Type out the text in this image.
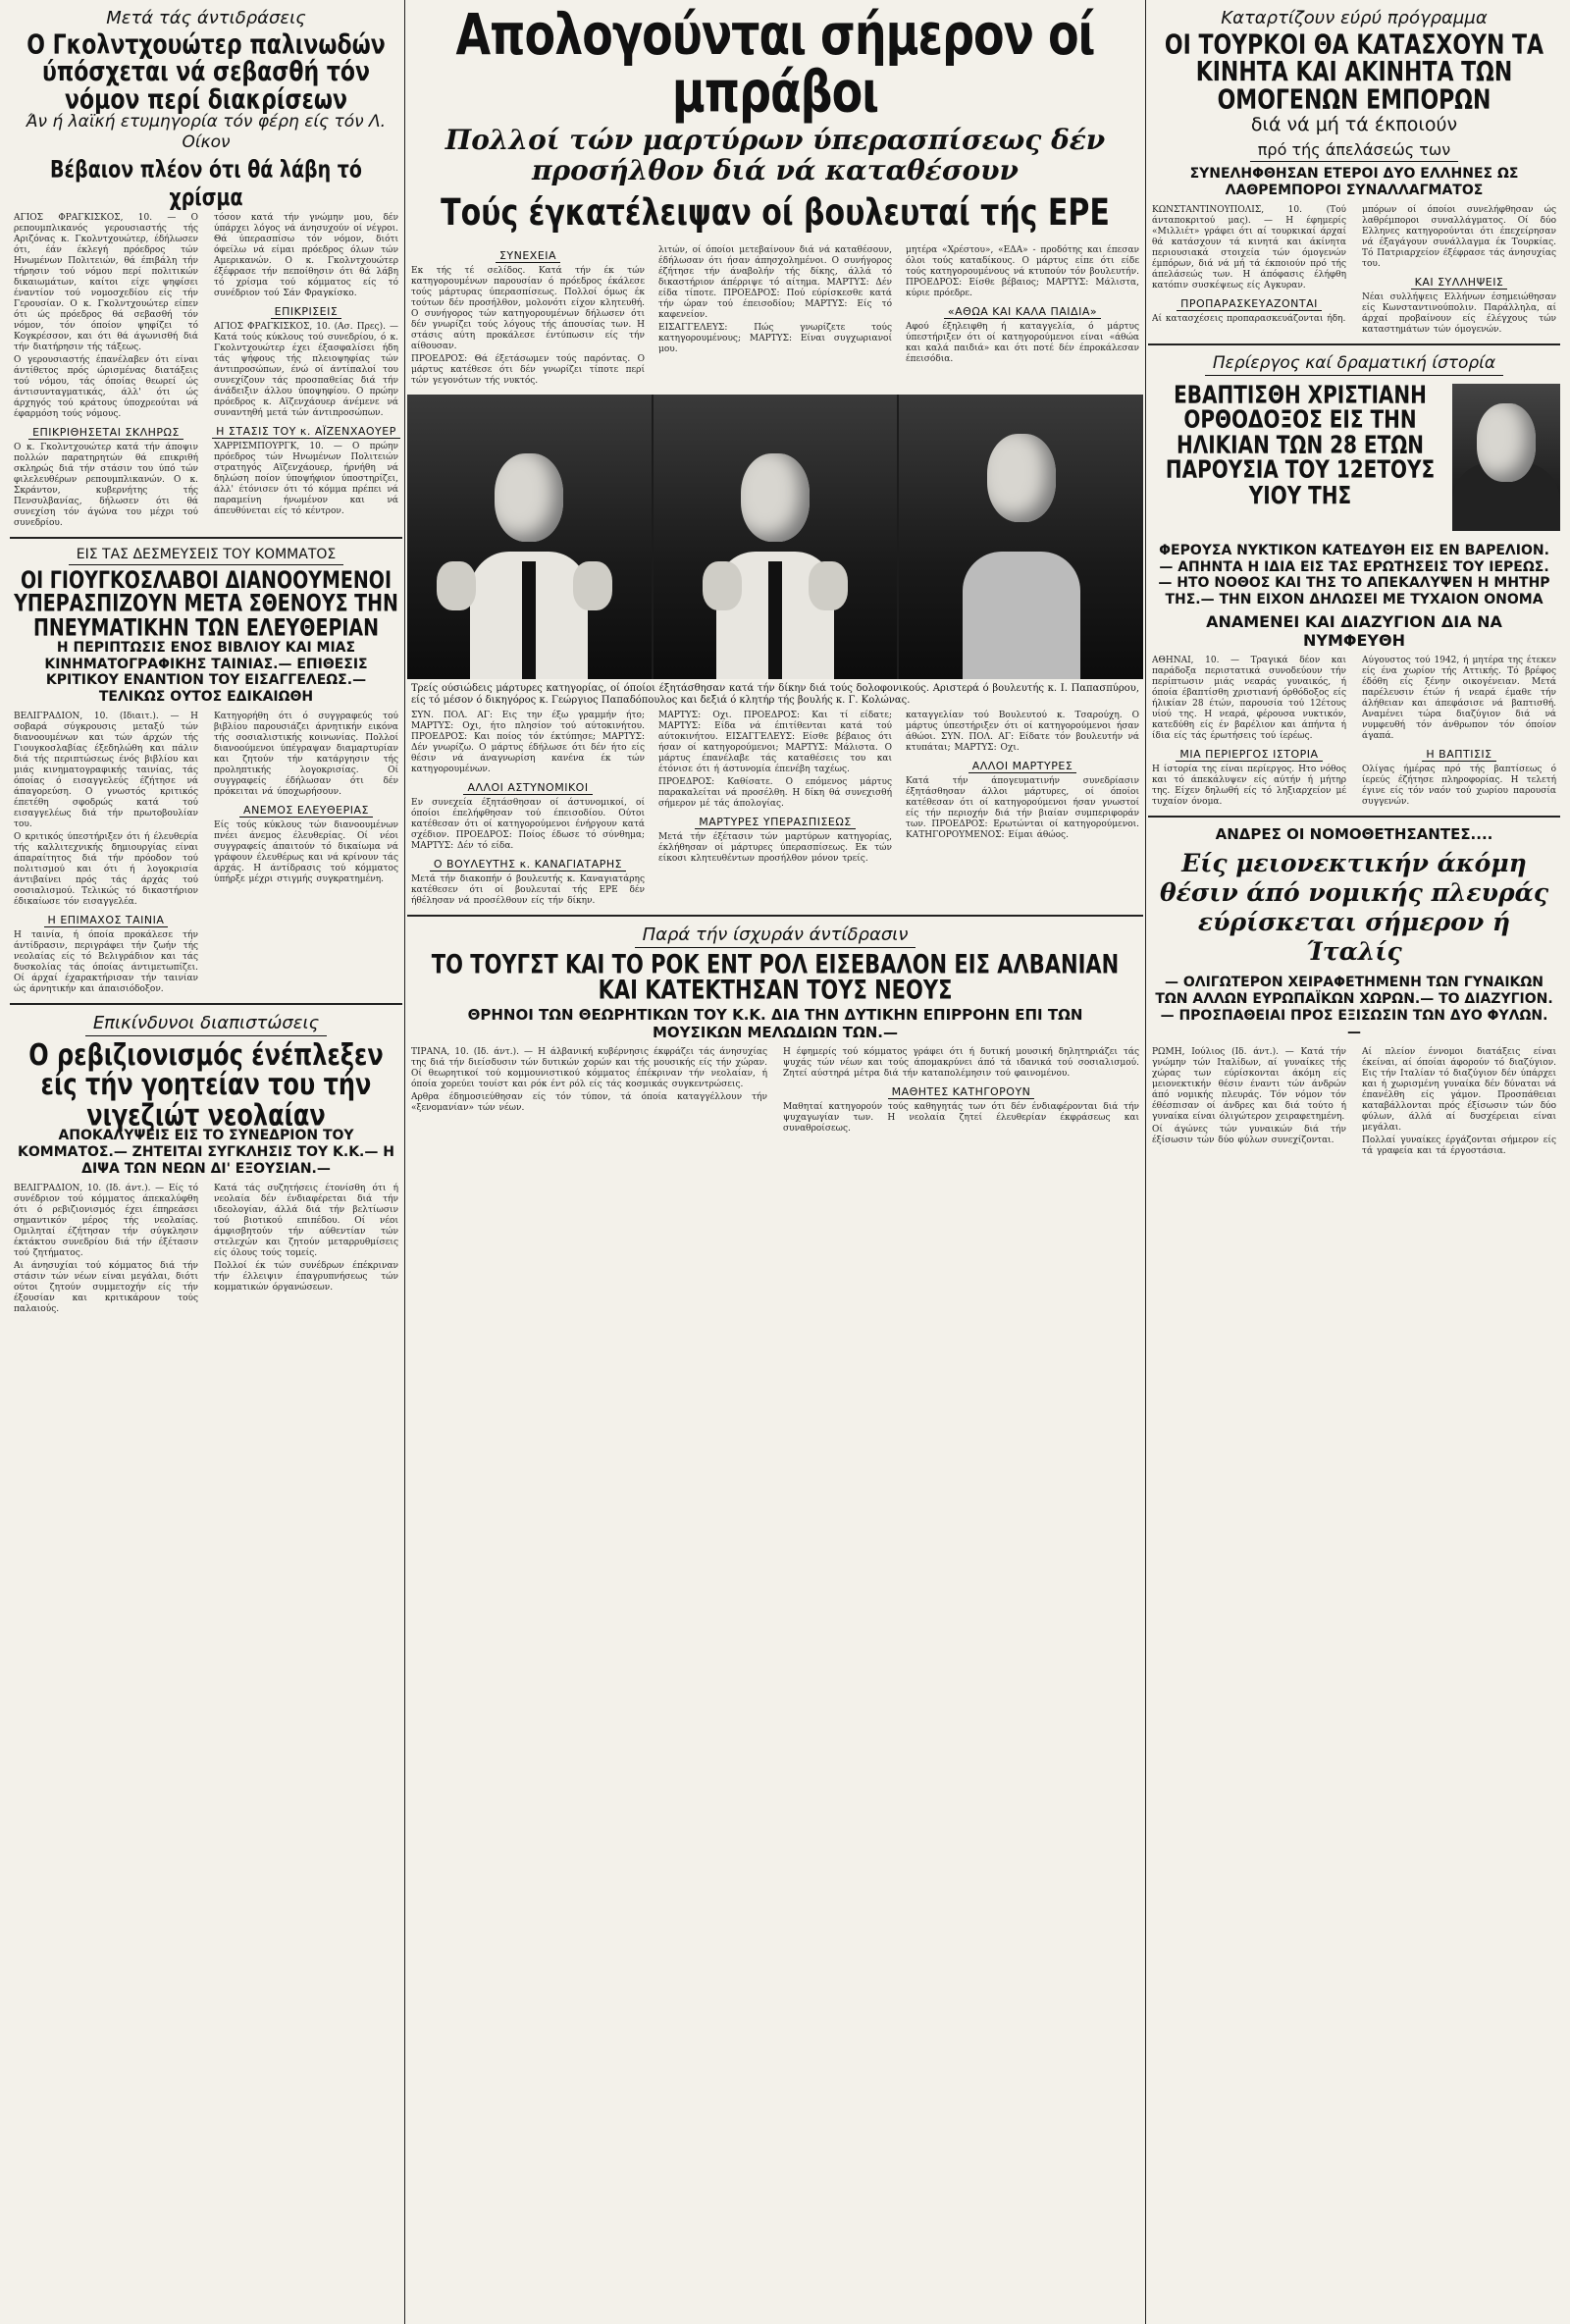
Μετά τάς άντιδράσεις
Ο Γκολντχουώτερ παλινωδών ύπόσχεται νά σεβασθή τόν νόμον περί διακρίσεων
Άν ή λαϊκή ετυμηγορία τόν φέρη είς τόν Λ. Οίκον
Βέβαιον πλέον ότι θά λάβη τό χρίσμα

ΑΓΙΟΣ ΦΡΑΓΚΙΣΚΟΣ, 10. — Ο ρεπουμπλικανός γερουσιαστής τής Αριζόνας κ. Γκολντχουώτερ, έδήλωσεν ότι, έάν έκλεγή πρόεδρος τών Ηνωμένων Πολιτειών, θά έπιβάλη τήν τήρησιν τού νόμου περί πολιτικών δικαιωμάτων, καίτοι είχε ψηφίσει έναντίον τού νομοσχεδίου είς τήν Γερουσίαν. Ο κ. Γκολντχουώτερ είπεν ότι ώς πρόεδρος θά σεβασθή τόν νόμον, τόν όποίον ψηφίζει τό Κογκρέσσον, και ότι θά άγωνισθή διά τήν διατήρησιν τής τάξεως.

Ο γερουσιαστής έπανέλαβεν ότι είναι άντίθετος πρός ώρισμένας διατάξεις τού νόμου, τάς όποίας θεωρεί ώς άντισυνταγματικάς, άλλ' ότι ώς άρχηγός τού κράτους ύποχρεούται νά έφαρμόση τούς νόμους.

ΕΠΙΚΡΙΘΗΣΕΤΑΙ ΣΚΛΗΡΩΣ

Ο κ. Γκολντχουώτερ κατά τήν άποψιν πολλών παρατηρητών θά επικριθή σκληρώς διά τήν στάσιν του ύπό τών φιλελευθέρων ρεπουμπλικανών. Ο κ. Σκράντον, κυβερνήτης τής Πενσυλβανίας, δήλωσεν ότι θά συνεχίση τόν άγώνα του μέχρι τού συνεδρίου.

τόσον κατά τήν γνώμην μου, δέν ύπάρχει λόγος νά άνησυχούν οί νέγροι. Θά ύπερασπίσω τόν νόμον, διότι όφείλω νά είμαι πρόεδρος όλων τών Αμερικανών. Ο κ. Γκολντχουώτερ έξέφρασε τήν πεποίθησιν ότι θά λάβη τό χρίσμα τού κόμματος είς τό συνέδριον τού Σάν Φραγκίσκο.

ΕΠΙΚΡΙΣΕΙΣ

ΑΓΙΟΣ ΦΡΑΓΚΙΣΚΟΣ, 10. (Ασ. Πρες). — Κατά τούς κύκλους τού συνεδρίου, ό κ. Γκολντχουώτερ έχει έξασφαλίσει ήδη τάς ψήφους τής πλειοψηφίας τών άντιπροσώπων, ένώ οί άντίπαλοί του συνεχίζουν τάς προσπαθείας διά τήν άνάδειξιν άλλου ύποψηφίου. Ο πρώην πρόεδρος κ. Αϊζενχάουερ άνέμενε νά συναντηθή μετά τών άντιπροσώπων.

Η ΣΤΑΣΙΣ ΤΟΥ κ. ΑΪΖΕΝΧΑΟΥΕΡ

ΧΑΡΡΙΣΜΠΟΥΡΓΚ, 10. — Ο πρώην πρόεδρος τών Ηνωμένων Πολιτειών στρατηγός Αϊζενχάουερ, ήρνήθη νά δηλώση ποίον ύποψήφιον ύποστηρίζει, άλλ' έτόνισεν ότι τό κόμμα πρέπει νά παραμείνη ήνωμένον και νά άπευθύνεται είς τό κέντρον.

ΕΙΣ ΤΑΣ ΔΕΣΜΕΥΣΕΙΣ ΤΟΥ ΚΟΜΜΑΤΟΣ
ΟΙ ΓΙΟΥΓΚΟΣΛΑΒΟΙ ΔΙΑΝΟΟΥΜΕΝΟΙ ΥΠΕΡΑΣΠΙΖΟΥΝ ΜΕΤΑ ΣΘΕΝΟΥΣ ΤΗΝ ΠΝΕΥΜΑΤΙΚΗΝ ΤΩΝ ΕΛΕΥΘΕΡΙΑΝ
Η ΠΕΡΙΠΤΩΣΙΣ ΕΝΟΣ ΒΙΒΛΙΟΥ ΚΑΙ ΜΙΑΣ ΚΙΝΗΜΑΤΟΓΡΑΦΙΚΗΣ ΤΑΙΝΙΑΣ.— ΕΠΙΘΕΣΙΣ ΚΡΙΤΙΚΟΥ ΕΝΑΝΤΙΟΝ ΤΟΥ ΕΙΣΑΓΓΕΛΕΩΣ.— ΤΕΛΙΚΩΣ ΟΥΤΟΣ ΕΔΙΚΑΙΩΘΗ

ΒΕΛΙΓΡΑΔΙΟΝ, 10. (Ιδιαιτ.). — Η σοβαρά σύγκρουσις μεταξύ τών διανοουμένων και τών άρχών τής Γιουγκοσλαβίας έξεδηλώθη και πάλιν διά τής περιπτώσεως ένός βιβλίου και μιάς κινηματογραφικής ταινίας, τάς όποίας ό εισαγγελεύς έζήτησε νά άπαγορεύση. Ο γνωστός κριτικός έπετέθη σφοδρώς κατά τού εισαγγελέως διά τήν πρωτοβουλίαν του.

Ο κριτικός ύπεστήριξεν ότι ή έλευθερία τής καλλιτεχνικής δημιουργίας είναι άπαραίτητος διά τήν πρόοδον τού πολιτισμού και ότι ή λογοκρισία άντιβαίνει πρός τάς άρχάς τού σοσιαλισμού. Τελικώς τό δικαστήριον έδικαίωσε τόν εισαγγελέα.

Η ΕΠΙΜΑΧΟΣ ΤΑΙΝΙΑ

Η ταινία, ή όποία προκάλεσε τήν άντίδρασιν, περιγράφει τήν ζωήν τής νεολαίας είς τό Βελιγράδιον και τάς δυσκολίας τάς όποίας άντιμετωπίζει. Οί άρχαί έχαρακτήρισαν τήν ταινίαν ώς άρνητικήν και άπαισιόδοξον.

Κατηγορήθη ότι ό συγγραφεύς τού βιβλίου παρουσιάζει άρνητικήν εικόνα τής σοσιαλιστικής κοινωνίας. Πολλοί διανοούμενοι ύπέγραψαν διαμαρτυρίαν και ζητούν τήν κατάργησιν τής προληπτικής λογοκρισίας. Οί συγγραφείς έδήλωσαν ότι δέν πρόκειται νά ύποχωρήσουν.

ΑΝΕΜΟΣ ΕΛΕΥΘΕΡΙΑΣ

Είς τούς κύκλους τών διανοουμένων πνέει άνεμος έλευθερίας. Οί νέοι συγγραφείς άπαιτούν τό δικαίωμα νά γράφουν έλευθέρως και νά κρίνουν τάς άρχάς. Η άντίδρασις τού κόμματος ύπήρξε μέχρι στιγμής συγκρατημένη.

Επικίνδυνοι διαπιστώσεις
Ο ρεβιζιονισμός ένέπλεξεν είς τήν γοητείαν του τήν νιγεζιώτ νεολαίαν
ΑΠΟΚΑΛΥΨΕΙΣ ΕΙΣ ΤΟ ΣΥΝΕΔΡΙΟΝ ΤΟΥ ΚΟΜΜΑΤΟΣ.— ΖΗΤΕΙΤΑΙ ΣΥΓΚΛΗΣΙΣ ΤΟΥ Κ.Κ.— Η ΔΙΨΑ ΤΩΝ ΝΕΩΝ ΔΙ' ΕΞΟΥΣΙΑΝ.—

ΒΕΛΙΓΡΑΔΙΟΝ, 10. (Ιδ. άντ.). — Είς τό συνέδριον τού κόμματος άπεκαλύφθη ότι ό ρεβιζιονισμός έχει έπηρεάσει σημαντικόν μέρος τής νεολαίας. Ομιληταί έζήτησαν τήν σύγκλησιν έκτάκτου συνεδρίου διά τήν έξέτασιν τού ζητήματος.

Αι άνησυχίαι τού κόμματος διά τήν στάσιν τών νέων είναι μεγάλαι, διότι ούτοι ζητούν συμμετοχήν είς τήν έξουσίαν και κριτικάρουν τούς παλαιούς.

Κατά τάς συζητήσεις έτονίσθη ότι ή νεολαία δέν ένδιαφέρεται διά τήν ιδεολογίαν, άλλά διά τήν βελτίωσιν τού βιοτικού επιπέδου. Οί νέοι άμφισβητούν τήν αύθεντίαν τών στελεχών και ζητούν μεταρρυθμίσεις είς όλους τούς τομείς.

Πολλοί έκ τών συνέδρων έπέκριναν τήν έλλειψιν έπαγρυπνήσεως τών κομματικών όργανώσεων.

Απολογούνται σήμερον οί μπράβοι
Πολλοί τών μαρτύρων ύπερασπίσεως δέν προσήλθον διά νά καταθέσουν
Τούς έγκατέλειψαν οί βουλευταί τής ΕΡΕ
ΣΥΝΕΧΕΙΑ

Εκ τής τέ σελίδος. Κατά τήν έκ τών κατηγορουμένων παρουσίαν ό πρόεδρος έκάλεσε τούς μάρτυρας ύπερασπίσεως. Πολλοί όμως έκ τούτων δέν προσήλθον, μολονότι είχον κλητευθή. Ο συνήγορος τών κατηγορουμένων δήλωσεν ότι δέν γνωρίζει τούς λόγους τής άπουσίας των. Η στάσις αύτη προκάλεσε έντύπωσιν είς τήν αίθουσαν.

ΠΡΟΕΔΡΟΣ: Θά έξετάσωμεν τούς παρόντας. Ο μάρτυς κατέθεσε ότι δέν γνωρίζει τίποτε περί τών γεγονότων τής νυκτός.

λιτών, οί όποίοι μετεβαίνουν διά νά καταθέσουν, έδήλωσαν ότι ήσαν άπησχολημένοι. Ο συνήγορος έζήτησε τήν άναβολήν τής δίκης, άλλά τό δικαστήριον άπέρριψε τό αίτημα. ΜΑΡΤΥΣ: Δέν είδα τίποτε. ΠΡΟΕΔΡΟΣ: Πού εύρίσκεσθε κατά τήν ώραν τού έπεισοδίου; ΜΑΡΤΥΣ: Είς τό καφενείον.

ΕΙΣΑΓΓΕΛΕΥΣ: Πώς γνωρίζετε τούς κατηγορουμένους; ΜΑΡΤΥΣ: Είναι συγχωριανοί μου.

μητέρα «Χρέστου», «ΕΔΑ» - προδότης και έπεσαν όλοι τούς καταδίκους. Ο μάρτυς είπε ότι είδε τούς κατηγορουμένους νά κτυπούν τόν βουλευτήν. ΠΡΟΕΔΡΟΣ: Είσθε βέβαιος; ΜΑΡΤΥΣ: Μάλιστα, κύριε πρόεδρε.

«ΑΘΩΑ ΚΑΙ ΚΑΛΑ ΠΑΙΔΙΑ»

Αφού έξηλειφθη ή καταγγελία, ό μάρτυς ύπεστήριξεν ότι οί κατηγορούμενοι είναι «άθώα και καλά παιδιά» και ότι ποτέ δέν έπροκάλεσαν έπεισόδια.

Τρείς ούσιώδεις μάρτυρες κατηγορίας, οί όποίοι έξητάσθησαν κατά τήν δίκην διά τούς δολοφονικούς. Αριστερά ό βουλευτής κ. Ι. Παπασπύρου, είς τό μέσον ό δικηγόρος κ. Γεώργιος Παπαδόπουλος και δεξιά ό κλητήρ τής βουλής κ. Γ. Κολώνας.

ΣΥΝ. ΠΟΛ. ΑΓ: Εις την έξω γραμμήν ήτο; ΜΑΡΤΥΣ: Οχι, ήτο πλησίον τού αύτοκινήτου. ΠΡΟΕΔΡΟΣ: Και ποίος τόν έκτύπησε; ΜΑΡΤΥΣ: Δέν γνωρίζω. Ο μάρτυς έδήλωσε ότι δέν ήτο είς θέσιν νά άναγνωρίση κανένα έκ τών κατηγορουμένων.

ΑΛΛΟΙ ΑΣΤΥΝΟΜΙΚΟΙ

Εν συνεχεία έξητάσθησαν οί άστυνομικοί, οί όποίοι έπελήφθησαν τού έπεισοδίου. Ούτοι κατέθεσαν ότι οί κατηγορούμενοι ένήργουν κατά σχέδιον. ΠΡΟΕΔΡΟΣ: Ποίος έδωσε τό σύνθημα; ΜΑΡΤΥΣ: Δέν τό είδα.

Ο ΒΟΥΛΕΥΤΗΣ κ. ΚΑΝΑΓΙΑΤΑΡΗΣ

Μετά τήν διακοπήν ό βουλευτής κ. Καναγιατάρης κατέθεσεν ότι οί βουλευταί τής ΕΡΕ δέν ήθέλησαν νά προσέλθουν είς τήν δίκην.

ΜΑΡΤΥΣ: Οχι. ΠΡΟΕΔΡΟΣ: Και τί είδατε; ΜΑΡΤΥΣ: Είδα νά έπιτίθενται κατά τού αύτοκινήτου. ΕΙΣΑΓΓΕΛΕΥΣ: Είσθε βέβαιος ότι ήσαν οί κατηγορούμενοι; ΜΑΡΤΥΣ: Μάλιστα. Ο μάρτυς έπανέλαβε τάς καταθέσεις του και έτόνισε ότι ή άστυνομία έπενέβη ταχέως.

ΠΡΟΕΔΡΟΣ: Καθίσατε. Ο επόμενος μάρτυς παρακαλείται νά προσέλθη. Η δίκη θά συνεχισθή σήμερον μέ τάς άπολογίας.

ΜΑΡΤΥΡΕΣ ΥΠΕΡΑΣΠΙΣΕΩΣ

Μετά τήν έξέτασιν τών μαρτύρων κατηγορίας, έκλήθησαν οί μάρτυρες ύπερασπίσεως. Εκ τών είκοσι κλητευθέντων προσήλθον μόνον τρείς.

καταγγελίαν τού Βουλευτού κ. Τσαρούχη. Ο μάρτυς ύπεστήριξεν ότι οί κατηγορούμενοι ήσαν άθώοι. ΣΥΝ. ΠΟΛ. ΑΓ: Είδατε τόν βουλευτήν νά κτυπάται; ΜΑΡΤΥΣ: Οχι.

ΑΛΛΟΙ ΜΑΡΤΥΡΕΣ

Κατά τήν άπογευματινήν συνεδρίασιν έξητάσθησαν άλλοι μάρτυρες, οί όποίοι κατέθεσαν ότι οί κατηγορούμενοι ήσαν γνωστοί είς τήν περιοχήν διά τήν βιαίαν συμπεριφοράν των. ΠΡΟΕΔΡΟΣ: Ερωτώνται οί κατηγορούμενοι. ΚΑΤΗΓΟΡΟΥΜΕΝΟΣ: Είμαι άθώος.

Παρά τήν ίσχυράν άντίδρασιν
ΤΟ ΤΟΥΓΣΤ ΚΑΙ ΤΟ ΡΟΚ ΕΝΤ ΡΟΛ ΕΙΣΕΒΑΛΟΝ ΕΙΣ ΑΛΒΑΝΙΑΝ ΚΑΙ ΚΑΤΕΚΤΗΣΑΝ ΤΟΥΣ ΝΕΟΥΣ
ΘΡΗΝΟΙ ΤΩΝ ΘΕΩΡΗΤΙΚΩΝ ΤΟΥ Κ.Κ. ΔΙΑ ΤΗΝ ΔΥΤΙΚΗΝ ΕΠΙΡΡΟΗΝ ΕΠΙ ΤΩΝ ΜΟΥΣΙΚΩΝ ΜΕΛΩΔΙΩΝ ΤΩΝ.—

ΤΙΡΑΝΑ, 10. (Ιδ. άντ.). — Η άλβανική κυβέρνησις έκφράζει τάς άνησυχίας της διά τήν διείσδυσιν τών δυτικών χορών και τής μουσικής είς τήν χώραν. Οί θεωρητικοί τού κομμουνιστικού κόμματος έπέκριναν τήν νεολαίαν, ή όποία χορεύει τουίστ και ρόκ έντ ρόλ είς τάς κοσμικάς συγκεντρώσεις.

Αρθρα έδημοσιεύθησαν είς τόν τύπον, τά όποία καταγγέλλουν τήν «ξενομανίαν» τών νέων.

Η έφημερίς τού κόμματος γράφει ότι ή δυτική μουσική δηλητηριάζει τάς ψυχάς τών νέων και τούς άπομακρύνει άπό τά ιδανικά τού σοσιαλισμού. Ζητεί αύστηρά μέτρα διά τήν καταπολέμησιν τού φαινομένου.

ΜΑΘΗΤΕΣ ΚΑΤΗΓΟΡΟΥΝ

Μαθηταί κατηγορούν τούς καθηγητάς των ότι δέν ένδιαφέρονται διά τήν ψυχαγωγίαν των. Η νεολαία ζητεί έλευθερίαν έκφράσεως και συναθροίσεως.

Καταρτίζουν εύρύ πρόγραμμα
ΟΙ ΤΟΥΡΚΟΙ ΘΑ ΚΑΤΑΣΧΟΥΝ ΤΑ ΚΙΝΗΤΑ ΚΑΙ ΑΚΙΝΗΤΑ ΤΩΝ ΟΜΟΓΕΝΩΝ ΕΜΠΟΡΩΝ
διά νά μή τά έκποιούν
πρό τής άπελάσεώς των
ΣΥΝΕΛΗΦΘΗΣΑΝ ΕΤΕΡΟΙ ΔΥΟ ΕΛΛΗΝΕΣ ΩΣ ΛΑΘΡΕΜΠΟΡΟΙ ΣΥΝΑΛΛΑΓΜΑΤΟΣ

ΚΩΝΣΤΑΝΤΙΝΟΥΠΟΛΙΣ, 10. (Τού άνταποκριτού μας). — Η έφημερίς «Μιλλιέτ» γράφει ότι αί τουρκικαί άρχαί θά κατάσχουν τά κινητά και άκίνητα περιουσιακά στοιχεία τών όμογενών έμπόρων, διά νά μή τά έκποιούν πρό τής άπελάσεώς των. Η άπόφασις έλήφθη κατόπιν συσκέψεως είς Αγκυραν.

ΠΡΟΠΑΡΑΣΚΕΥΑΖΟΝΤΑΙ

Αί κατασχέσεις προπαρασκευάζονται ήδη.

μπόρων οί όποίοι συνελήφθησαν ώς λαθρέμποροι συναλλάγματος. Οί δύο Ελληνες κατηγορούνται ότι έπεχείρησαν νά έξαγάγουν συνάλλαγμα έκ Τουρκίας. Τό Πατριαρχείον έξέφρασε τάς άνησυχίας του.

ΚΑΙ ΣΥΛΛΗΨΕΙΣ

Νέαι συλλήψεις Ελλήνων έσημειώθησαν είς Κωνσταντινούπολιν. Παράλληλα, αί άρχαί προβαίνουν είς έλέγχους τών καταστημάτων τών όμογενών.

Περίεργος καί δραματική ίστορία
ΕΒΑΠΤΙΣΘΗ ΧΡΙΣΤΙΑΝΗ ΟΡΘΟΔΟΞΟΣ ΕΙΣ ΤΗΝ ΗΛΙΚΙΑΝ ΤΩΝ 28 ΕΤΩΝ ΠΑΡΟΥΣΙΑ ΤΟΥ 12ΕΤΟΥΣ ΥΙΟΥ ΤΗΣ
ΦΕΡΟΥΣΑ ΝΥΚΤΙΚΟΝ ΚΑΤΕΔΥΘΗ ΕΙΣ ΕΝ ΒΑΡΕΛΙΟΝ.— ΑΠΗΝΤΑ Η ΙΔΙΑ ΕΙΣ ΤΑΣ ΕΡΩΤΗΣΕΙΣ ΤΟΥ ΙΕΡΕΩΣ.— ΗΤΟ ΝΟΘΟΣ ΚΑΙ ΤΗΣ ΤΟ ΑΠΕΚΑΛΥΨΕΝ Η ΜΗΤΗΡ ΤΗΣ.— ΤΗΝ ΕΙΧΟΝ ΔΗΛΩΣΕΙ ΜΕ ΤΥΧΑΙΟΝ ΟΝΟΜΑ
ΑΝΑΜΕΝΕΙ ΚΑΙ ΔΙΑΖΥΓΙΟΝ ΔΙΑ ΝΑ ΝΥΜΦΕΥΘΗ

ΑΘΗΝΑΙ, 10. — Τραγικά δέον και παράδοξα περιστατικά συνοδεύουν τήν περίπτωσιν μιάς νεαράς γυναικός, ή όποία έβαπτίσθη χριστιανή όρθόδοξος είς ήλικίαν 28 έτών, παρουσία τού 12έτους υίού της. Η νεαρά, φέρουσα νυκτικόν, κατεδύθη είς έν βαρέλιον και άπήντα ή ίδια είς τάς έρωτήσεις τού ίερέως.

ΜΙΑ ΠΕΡΙΕΡΓΟΣ ΙΣΤΟΡΙΑ

Η ίστορία της είναι περίεργος. Ητο νόθος και τό άπεκάλυψεν είς αύτήν ή μήτηρ της. Είχεν δηλωθή είς τό ληξιαρχείον μέ τυχαίον όνομα.

Αύγουστος τού 1942, ή μητέρα της έτεκεν είς ένα χωρίον τής Αττικής. Τό βρέφος έδόθη είς ξένην οικογένειαν. Μετά παρέλευσιν έτών ή νεαρά έμαθε τήν άλήθειαν και άπεφάσισε νά βαπτισθή. Αναμένει τώρα διαζύγιον διά νά νυμφευθή τόν άνθρωπον τόν όποίον άγαπά.

Η ΒΑΠΤΙΣΙΣ

Ολίγας ήμέρας πρό τής βαπτίσεως ό ίερεύς έζήτησε πληροφορίας. Η τελετή έγινε είς τόν ναόν τού χωρίου παρουσία συγγενών.

ΑΝΔΡΕΣ ΟΙ ΝΟΜΟΘΕΤΗΣΑΝΤΕΣ....
Είς μειονεκτικήν άκόμη θέσιν άπό νομικής πλευράς εύρίσκεται σήμερον ή Ίταλίς
— ΟΛΙΓΩΤΕΡΟΝ ΧΕΙΡΑΦΕΤΗΜΕΝΗ ΤΩΝ ΓΥΝΑΙΚΩΝ ΤΩΝ ΑΛΛΩΝ ΕΥΡΩΠΑΪΚΩΝ ΧΩΡΩΝ.— ΤΟ ΔΙΑΖΥΓΙΟΝ.— ΠΡΟΣΠΑΘΕΙΑΙ ΠΡΟΣ ΕΞΙΣΩΣΙΝ ΤΩΝ ΔΥΟ ΦΥΛΩΝ.—

ΡΩΜΗ, Ιούλιος (Ιδ. άντ.). — Κατά τήν γνώμην τών Ιταλίδων, αί γυναίκες τής χώρας των εύρίσκονται άκόμη είς μειονεκτικήν θέσιν έναντι τών άνδρών άπό νομικής πλευράς. Τόν νόμον τόν έθέσπισαν οί άνδρες και διά τούτο ή γυναίκα είναι όλιγώτερον χειραφετημένη.

Οί άγώνες τών γυναικών διά τήν έξίσωσιν τών δύο φύλων συνεχίζονται.

Αί πλείον έννομοι διατάξεις είναι έκείναι, αί όποίαι άφορούν τό διαζύγιον. Εις τήν Ιταλίαν τό διαζύγιον δέν ύπάρχει και ή χωρισμένη γυναίκα δέν δύναται νά έπανέλθη είς γάμον. Προσπάθειαι καταβάλλονται πρός έξίσωσιν τών δύο φύλων, άλλά αί δυσχέρειαι είναι μεγάλαι.

Πολλαί γυναίκες έργάζονται σήμερον είς τά γραφεία και τά έργοστάσια.
